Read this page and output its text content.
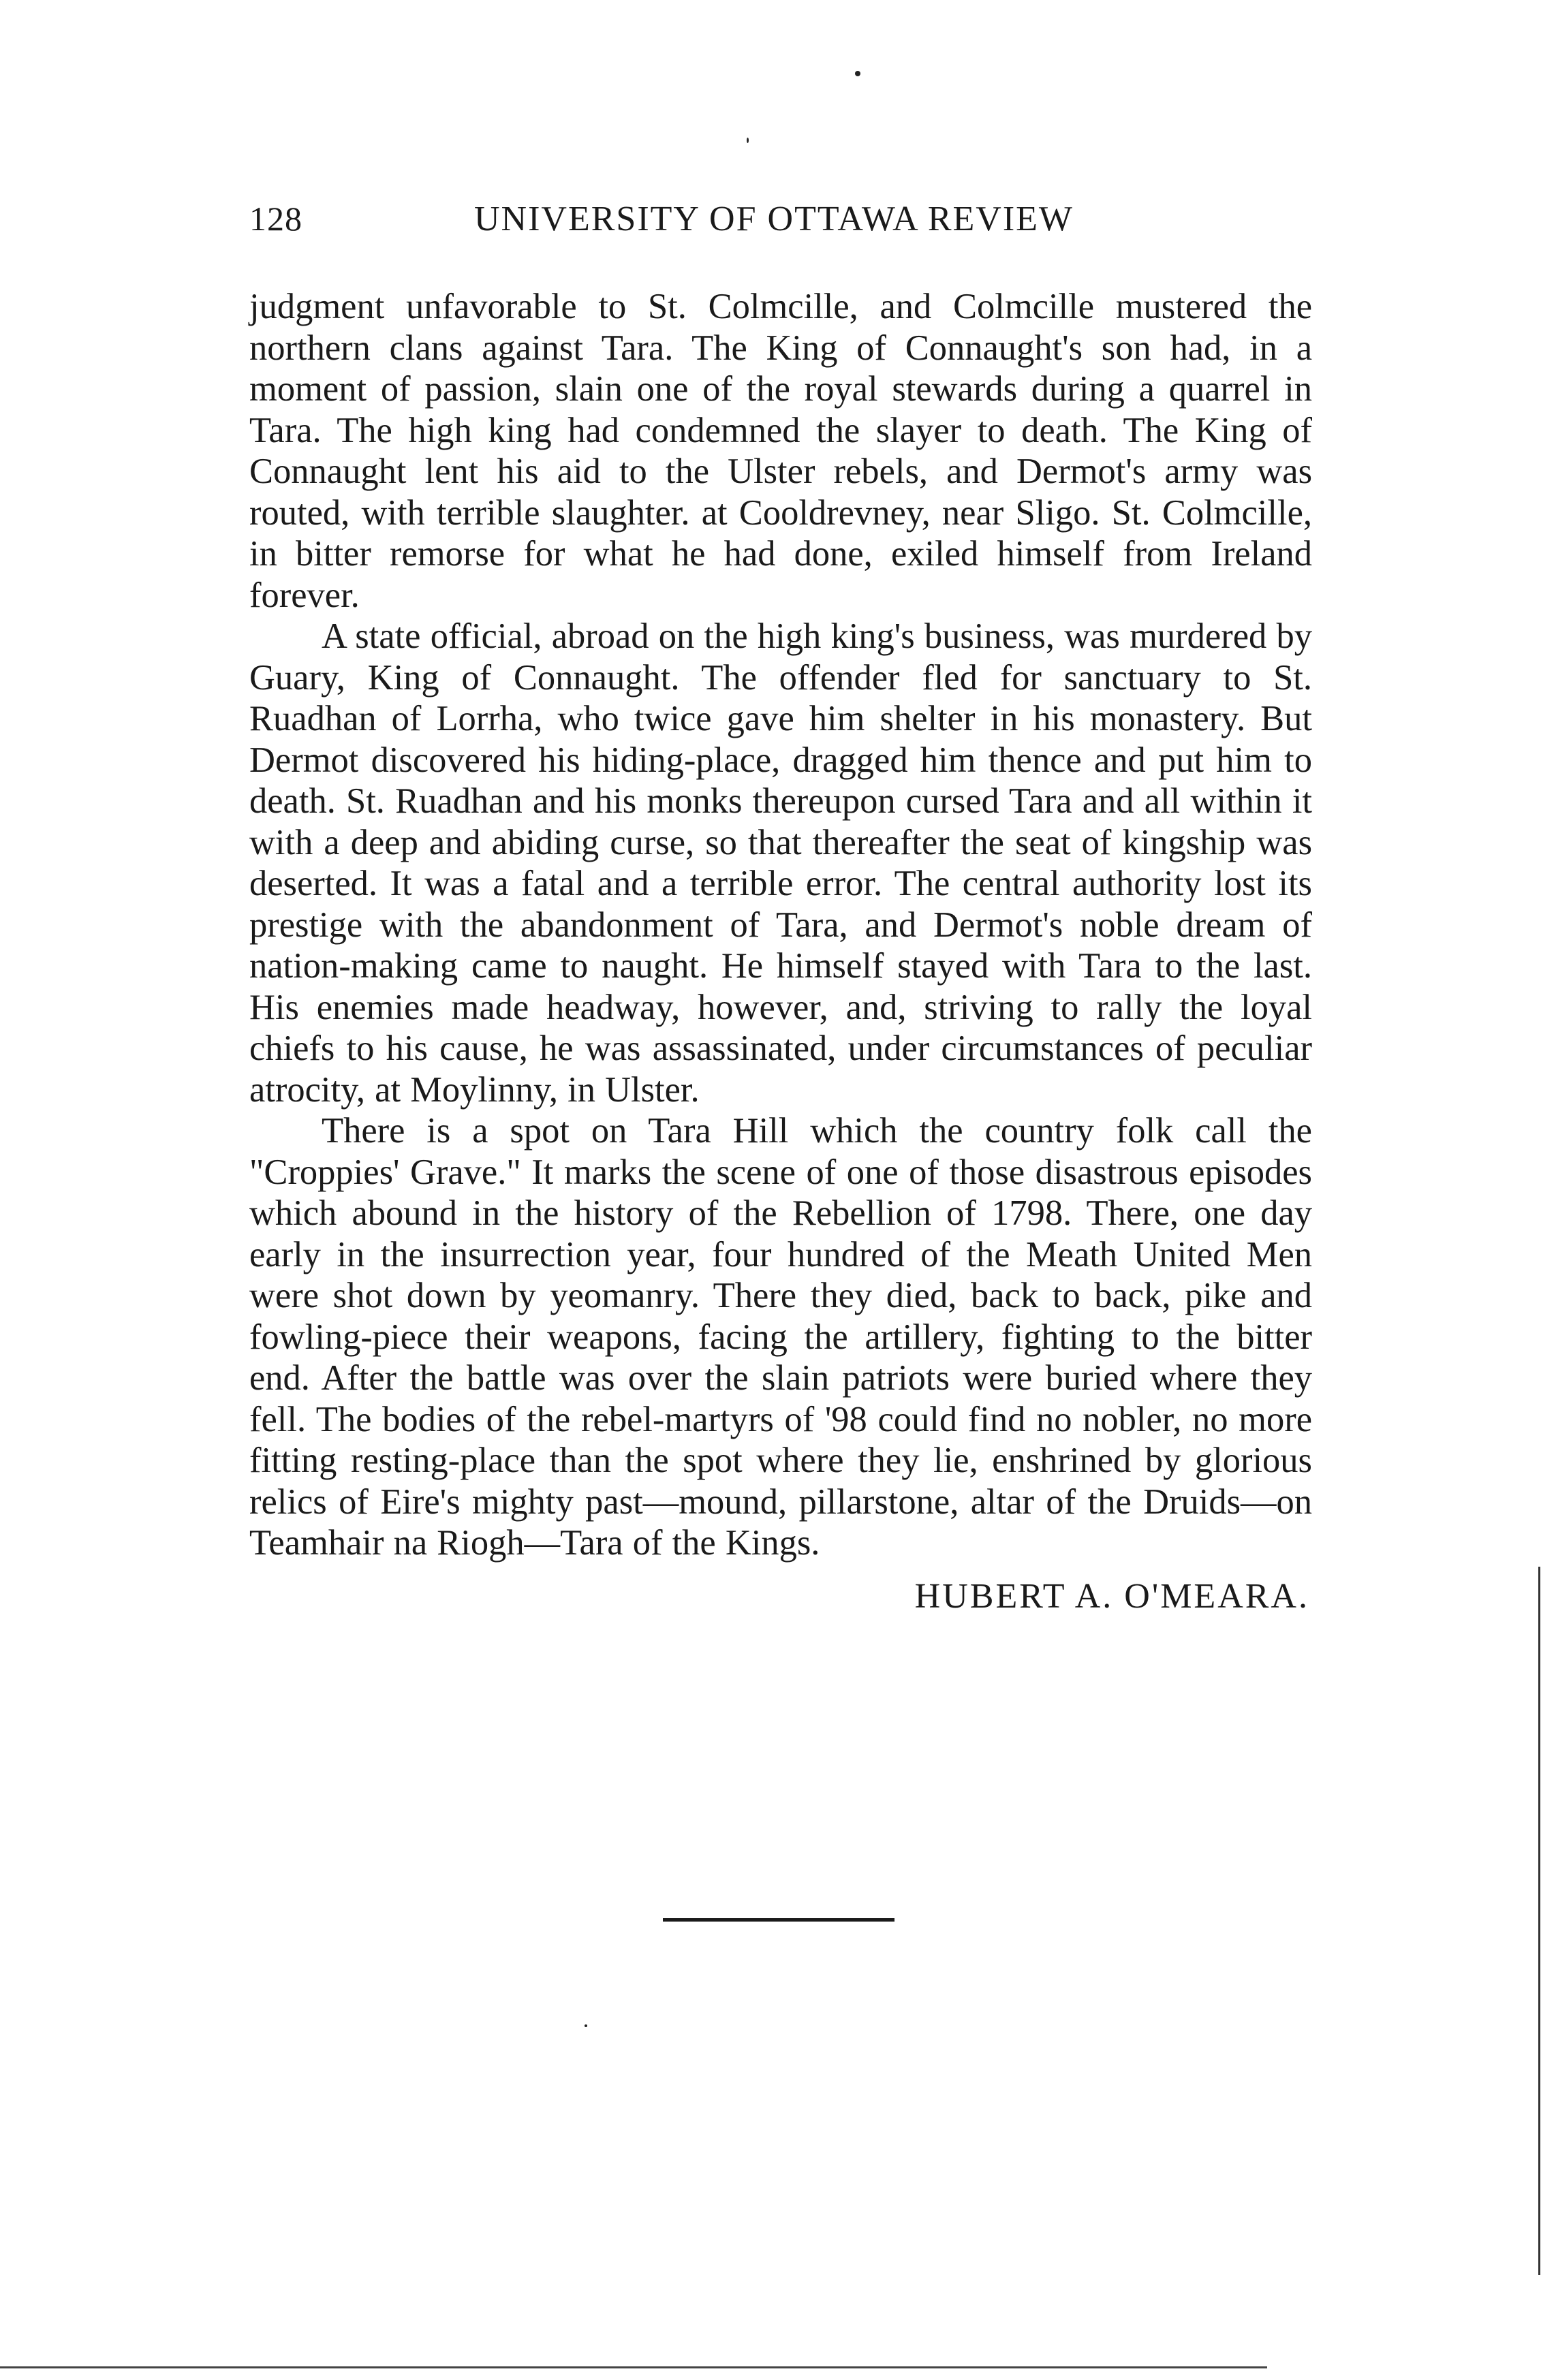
128	UNIVERSITY OF OTTAWA REVIEW

judgment unfavorable to St. Colmcille, and Colmcille mustered the northern clans against Tara. The King of Connaught's son had, in a moment of passion, slain one of the royal stewards during a quarrel in Tara. The high king had condemned the slayer to death. The King of Connaught lent his aid to the Ulster rebels, and Dermot's army was routed, with terrible slaughter. at Cooldrevney, near Sligo. St. Colmcille, in bitter remorse for what he had done, exiled himself from Ireland forever.

A state official, abroad on the high king's business, was murdered by Guary, King of Connaught. The offender fled for sanctuary to St. Ruadhan of Lorrha, who twice gave him shelter in his monastery. But Dermot discovered his hiding-place, dragged him thence and put him to death. St. Ruadhan and his monks thereupon cursed Tara and all within it with a deep and abiding curse, so that thereafter the seat of kingship was deserted. It was a fatal and a terrible error. The central authority lost its prestige with the abandonment of Tara, and Dermot's noble dream of nation-making came to naught. He himself stayed with Tara to the last. His enemies made headway, however, and, striving to rally the loyal chiefs to his cause, he was assassinated, under circumstances of peculiar atrocity, at Moylinny, in Ulster.

There is a spot on Tara Hill which the country folk call the "Croppies' Grave." It marks the scene of one of those disastrous episodes which abound in the history of the Rebellion of 1798. There, one day early in the insurrection year, four hundred of the Meath United Men were shot down by yeomanry. There they died, back to back, pike and fowling-piece their weapons, facing the artillery, fighting to the bitter end. After the battle was over the slain patriots were buried where they fell. The bodies of the rebel-martyrs of '98 could find no nobler, no more fitting resting-place than the spot where they lie, enshrined by glorious relics of Eire's mighty past—mound, pillarstone, altar of the Druids—on Teamhair na Riogh—Tara of the Kings.

HUBERT A. O'MEARA.
